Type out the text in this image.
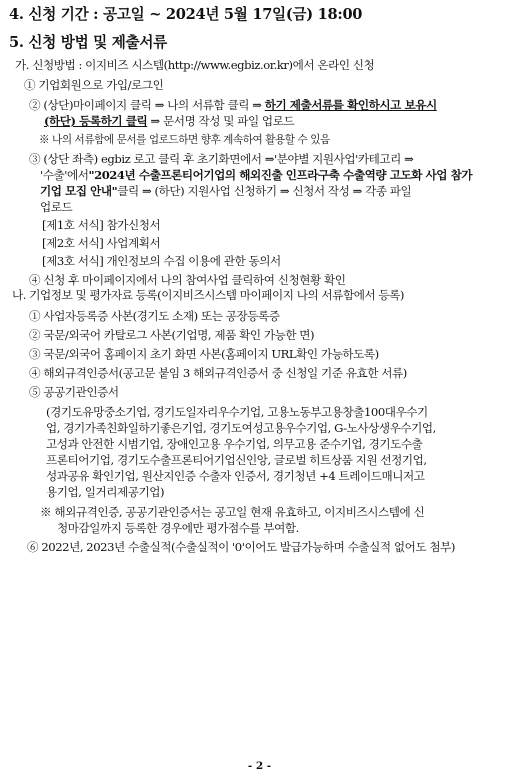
4. 신청 기간 : 공고일 ~ 2024년 5월 17일(금) 18:00
5. 신청 방법 및 제출서류
가. 신청방법 : 이지비즈 시스템(http://www.egbiz.or.kr)에서 온라인 신청
① 기업회원으로 가입/로그인
② (상단)마이페이지 클릭 ⇒ 나의 서류함 클릭 ⇒ 하기 제출서류를 확인하시고 보유시
(하단) 등록하기 클릭 ⇒ 문서명 작성 및 파일 업로드
※ 나의 서류함에 문서를 업로드하면 향후 계속하여 활용할 수 있음
③ (상단 좌측) egbiz 로고 클릭 후 초기화면에서 ⇒'분야별 지원사업'카테고리 ⇒
'수출'에서"2024년 수출프론티어기업의 해외진출 인프라구축 수출역량 고도화 사업 참가
기업 모집 안내"클릭 ⇒ (하단) 지원사업 신청하기 ⇒ 신청서 작성 ⇒ 각종 파일
업로드
[제1호 서식] 참가신청서
[제2호 서식] 사업계획서
[제3호 서식] 개인정보의 수집 이용에 관한 동의서
④ 신청 후 마이페이지에서 나의 참여사업 클릭하여 신청현황 확인
나. 기업정보 및 평가자료 등록(이지비즈시스템 마이페이지 나의 서류함에서 등록)
① 사업자등록증 사본(경기도 소재) 또는 공장등록증
② 국문/외국어 카탈로그 사본(기업명, 제품 확인 가능한 면)
③ 국문/외국어 홈페이지 초기 화면 사본(홈페이지 URL확인 가능하도록)
④ 해외규격인증서(공고문 붙임 3 해외규격인증서 중 신청일 기준 유효한 서류)
⑤ 공공기관인증서
(경기도유망중소기업, 경기도일자리우수기업, 고용노동부고용창출100대우수기
업, 경기가족친화일하기좋은기업, 경기도여성고용우수기업, G-노사상생우수기업,
고성과 안전한 시범기업, 장애인고용 우수기업, 의무고용 준수기업, 경기도수출
프론티어기업, 경기도수출프론티어기업신인앙, 글로벌 히트상품 지원 선정기업,
성과공유 확인기업, 원산지인증 수출자 인증서, 경기청년 +4 트레이드매니저고
용기업, 일거리제공기업)
※ 해외규격인증, 공공기관인증서는 공고일 현재 유효하고, 이지비즈시스템에 신
청마감일까지 등록한 경우에만 평가점수를 부여함.
⑥ 2022년, 2023년 수출실적(수출실적이 '0'이어도 발급가능하며 수출실적 없어도 첨부)
- 2 -
